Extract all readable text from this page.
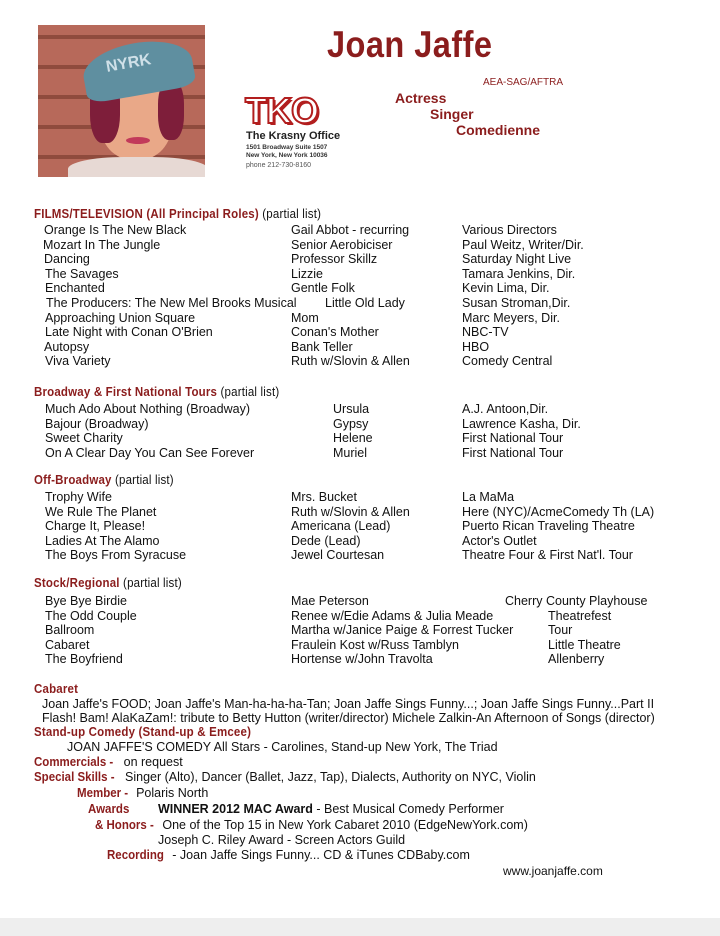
NYRK	Joan Jaffe
AEA-SAG/AFTRA
Actress
Singer
Comedienne
TKO
The Krasny Office
1501 Broadway Suite 1507
New York, New York 10036
phone 212-730-8160
FILMS/TELEVISION (All Principal Roles) (partial list)
Orange Is The New Black	Gail Abbot - recurring	Various Directors
Mozart In The Jungle	Senior Aerobiciser	Paul Weitz, Writer/Dir.
Dancing	Professor Skillz	Saturday Night Live
The Savages	Lizzie	Tamara Jenkins, Dir.
Enchanted	Gentle Folk	Kevin Lima, Dir.
The Producers: The New Mel Brooks Musical Little Old Lady	Susan Stroman,Dir.
Approaching Union Square	Mom	Marc Meyers, Dir.
Late Night with Conan O'Brien	Conan's Mother	NBC-TV
Autopsy	Bank Teller	HBO
Viva Variety	Ruth w/Slovin & Allen	Comedy Central
Broadway & First National Tours (partial list)
Much Ado About Nothing (Broadway)	Ursula	A.J. Antoon,Dir.
Bajour (Broadway)	Gypsy	Lawrence Kasha, Dir.
Sweet Charity	Helene	First National Tour
On A Clear Day You Can See Forever	Muriel	First National Tour
Off-Broadway (partial list)
Trophy Wife	Mrs. Bucket	La MaMa
We Rule The Planet	Ruth w/Slovin & Allen	Here (NYC)/AcmeComedy Th (LA)
Charge It, Please!	Americana (Lead)	Puerto Rican Traveling Theatre
Ladies At The Alamo	Dede (Lead)	Actor's Outlet
The Boys From Syracuse	Jewel Courtesan	Theatre Four & First Nat'l. Tour
Stock/Regional (partial list)
Bye Bye Birdie	Mae Peterson	Cherry County Playhouse
The Odd Couple	Renee w/Edie Adams & Julia Meade	Theatrefest
Ballroom	Martha w/Janice Paige & Forrest Tucker	Tour
Cabaret	Fraulein Kost w/Russ Tamblyn	Little Theatre
The Boyfriend	Hortense w/John Travolta	Allenberry
Cabaret
Joan Jaffe's FOOD; Joan Jaffe's Man-ha-ha-ha-Tan; Joan Jaffe Sings Funny...; Joan Jaffe Sings Funny...Part II
Flash! Bam! AlaKaZam!: tribute to Betty Hutton (writer/director) Michele Zalkin-An Afternoon of Songs (director)
Stand-up Comedy (Stand-up & Emcee)
JOAN JAFFE'S COMEDY All Stars - Carolines, Stand-up New York, The Triad
Commercials - on request
Special Skills - Singer (Alto), Dancer (Ballet, Jazz, Tap), Dialects, Authority on NYC, Violin
Member - Polaris North
Awards WINNER 2012 MAC Award - Best Musical Comedy Performer
& Honors - One of the Top 15 in New York Cabaret 2010 (EdgeNewYork.com)
Joseph C. Riley Award - Screen Actors Guild
Recording - Joan Jaffe Sings Funny... CD & iTunes CDBaby.com
www.joanjaffe.com
